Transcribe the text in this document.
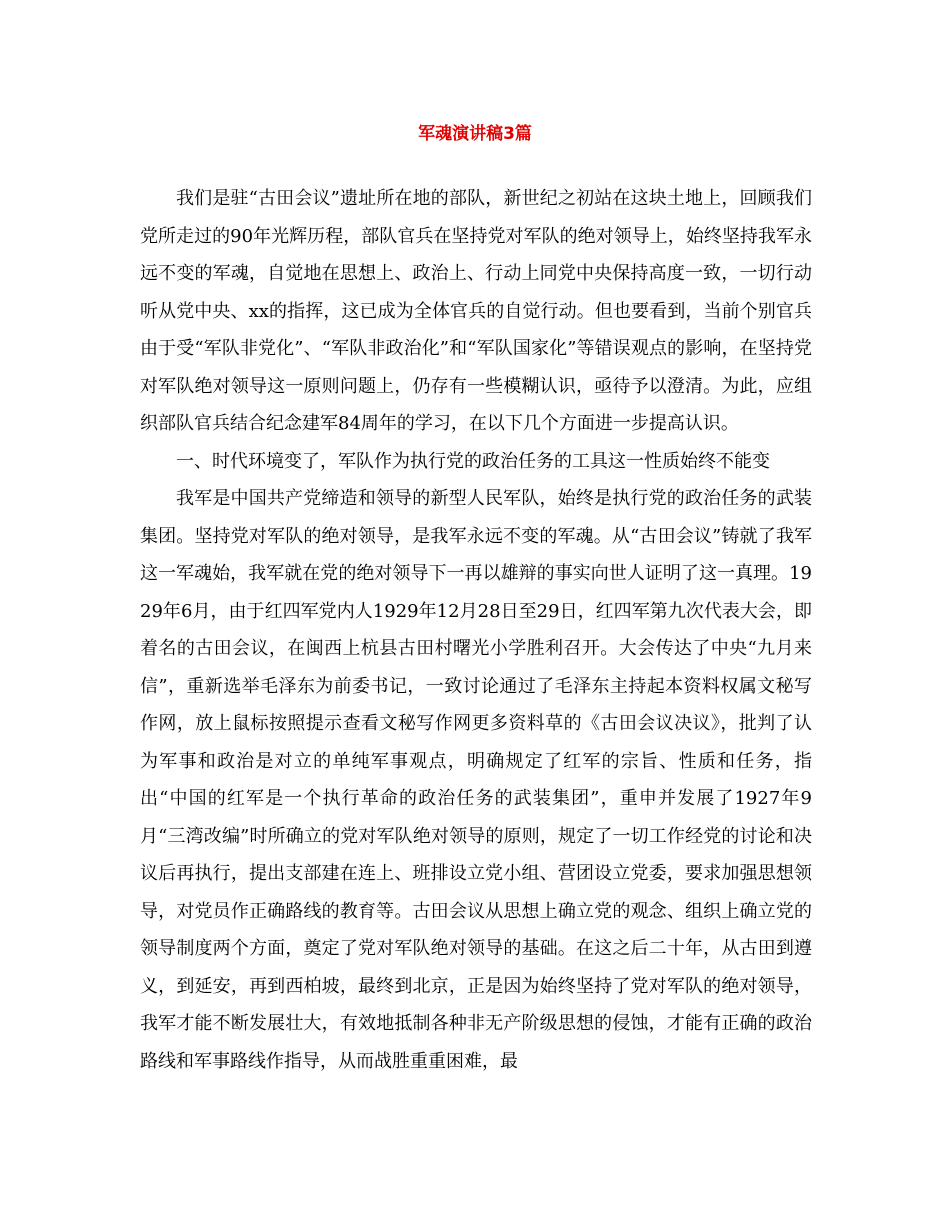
军魂演讲稿3篇

我们是驻“古田会议”遗址所在地的部队，新世纪之初站在这块土地上，回顾我们党所走过的90年光辉历程，部队官兵在坚持党对军队的绝对领导上，始终坚持我军永远不变的军魂，自觉地在思想上、政治上、行动上同党中央保持高度一致，一切行动听从党中央、xx的指挥，这已成为全体官兵的自觉行动。但也要看到，当前个别官兵由于受“军队非党化”、“军队非政治化”和“军队国家化”等错误观点的影响，在坚持党对军队绝对领导这一原则问题上，仍存有一些模糊认识，亟待予以澄清。为此，应组织部队官兵结合纪念建军84周年的学习，在以下几个方面进一步提高认识。

一、时代环境变了，军队作为执行党的政治任务的工具这一性质始终不能变

我军是中国共产党缔造和领导的新型人民军队，始终是执行党的政治任务的武装集团。坚持党对军队的绝对领导，是我军永远不变的军魂。从“古田会议”铸就了我军这一军魂始，我军就在党的绝对领导下一再以雄辩的事实向世人证明了这一真理。1929年6月，由于红四军党内人1929年12月28日至29日，红四军第九次代表大会，即着名的古田会议，在闽西上杭县古田村曙光小学胜利召开。大会传达了中央“九月来信”，重新选举毛泽东为前委书记，一致讨论通过了毛泽东主持起本资料权属文秘写作网，放上鼠标按照提示查看文秘写作网更多资料草的《古田会议决议》，批判了认为军事和政治是对立的单纯军事观点，明确规定了红军的宗旨、性质和任务，指出“中国的红军是一个执行革命的政治任务的武装集团”，重申并发展了1927年9月“三湾改编”时所确立的党对军队绝对领导的原则，规定了一切工作经党的讨论和决议后再执行，提出支部建在连上、班排设立党小组、营团设立党委，要求加强思想领导，对党员作正确路线的教育等。古田会议从思想上确立党的观念、组织上确立党的领导制度两个方面，奠定了党对军队绝对领导的基础。在这之后二十年，从古田到遵义，到延安，再到西柏坡，最终到北京，正是因为始终坚持了党对军队的绝对领导，我军才能不断发展壮大，有效地抵制各种非无产阶级思想的侵蚀，才能有正确的政治路线和军事路线作指导，从而战胜重重困难，最
